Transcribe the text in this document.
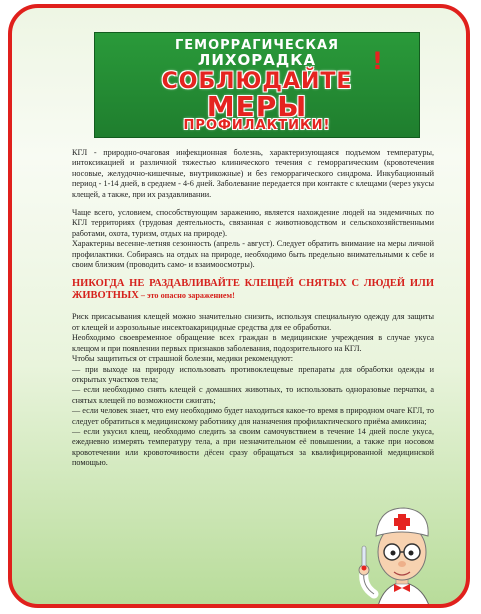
ГЕМОРРАГИЧЕСКАЯ
ЛИХОРАДКА	!
СОБЛЮДАЙТЕ
МЕРЫ
ПРОФИЛАКТИКИ!

КГЛ - природно-очаговая инфекционная болезнь, характеризующаяся подъемом температуры, интоксикацией и различной тяжестью клинического течения с геморрагическим (кровотечения носовые, желудочно-кишечные, внутрикожные) и без геморрагического синдрома. Инкубационный период - 1-14 дней, в среднем - 4-6 дней. Заболевание передается при контакте с клещами (через укусы клещей, а также, при их раздавливании.

Чаще всего, условием, способствующим заражению, является нахождение людей на эндемичных по КГЛ территориях (трудовая деятельность, связанная с животноводством и сельскохозяйственными работами, охота, туризм, отдых на природе).

Характерны весенне-летняя сезонность (апрель - август). Следует обратить внимание на меры личной профилактики. Собираясь на отдых на природе, необходимо быть предельно внимательными к себе и своим близким (проводить само- и взаимоосмотры).

НИКОГДА НЕ РАЗДАВЛИВАЙТЕ КЛЕЩЕЙ СНЯТЫХ С ЛЮДЕЙ ИЛИ ЖИВОТНЫХ – это опасно заражением!

Риск присасывания клещей можно значительно снизить, используя специальную одежду для защиты от клещей и аэрозольные инсектоакарицидные средства для ее обработки.

Необходимо своевременное обращение всех граждан в медицинские учреждения в случае укуса клещом и при появлении первых признаков заболевания, подозрительного на КГЛ.

Чтобы защититься от страшной болезни, медики рекомендуют:

— при выходе на природу использовать противоклещевые препараты для обработки одежды и открытых участков тела;

— если необходимо снять клещей с домашних животных, то использовать одноразовые перчатки, а снятых клещей по возможности сжигать;

— если человек знает, что ему необходимо будет находиться какое-то время в природном очаге КГЛ, то следует обратиться к медицинскому работнику для назначения профилактического приёма амиксина;

— если укусил клещ, необходимо следить за своим самочувствием в течение 14 дней после укуса, ежедневно измерять температуру тела, а при незначительном её повышении, а также при носовом кровотечении или кровоточивости дёсен сразу обращаться за квалифицированной медицинской помощью.
